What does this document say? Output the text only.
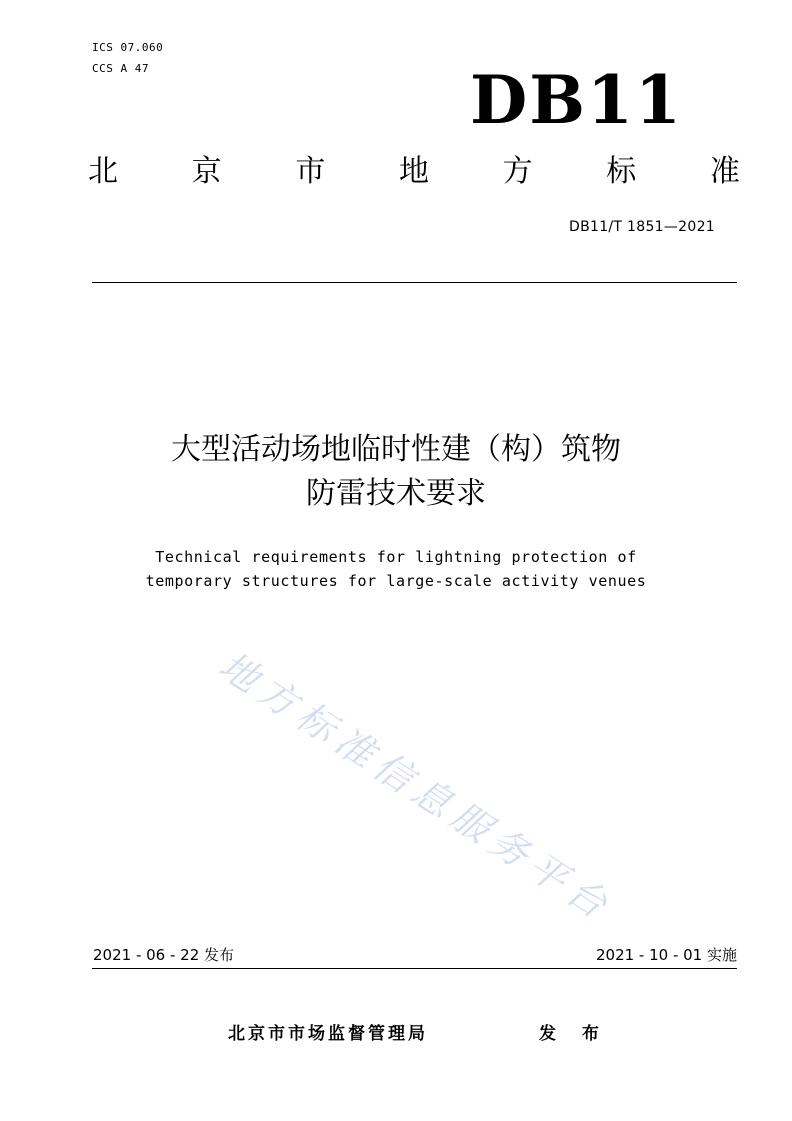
ICS 07.060
CCS A 47	DB11
北 京 市 地 方 标 准
DB11/T 1851—2021
大型活动场地临时性建（构）筑物
防雷技术要求
Technical requirements for lightning protection of
temporary structures for large-scale activity venues
地方标准信息服务平台
2021 - 06 - 22 发布	2021 - 10 - 01 实施
北京市市场监督管理局	发 布
